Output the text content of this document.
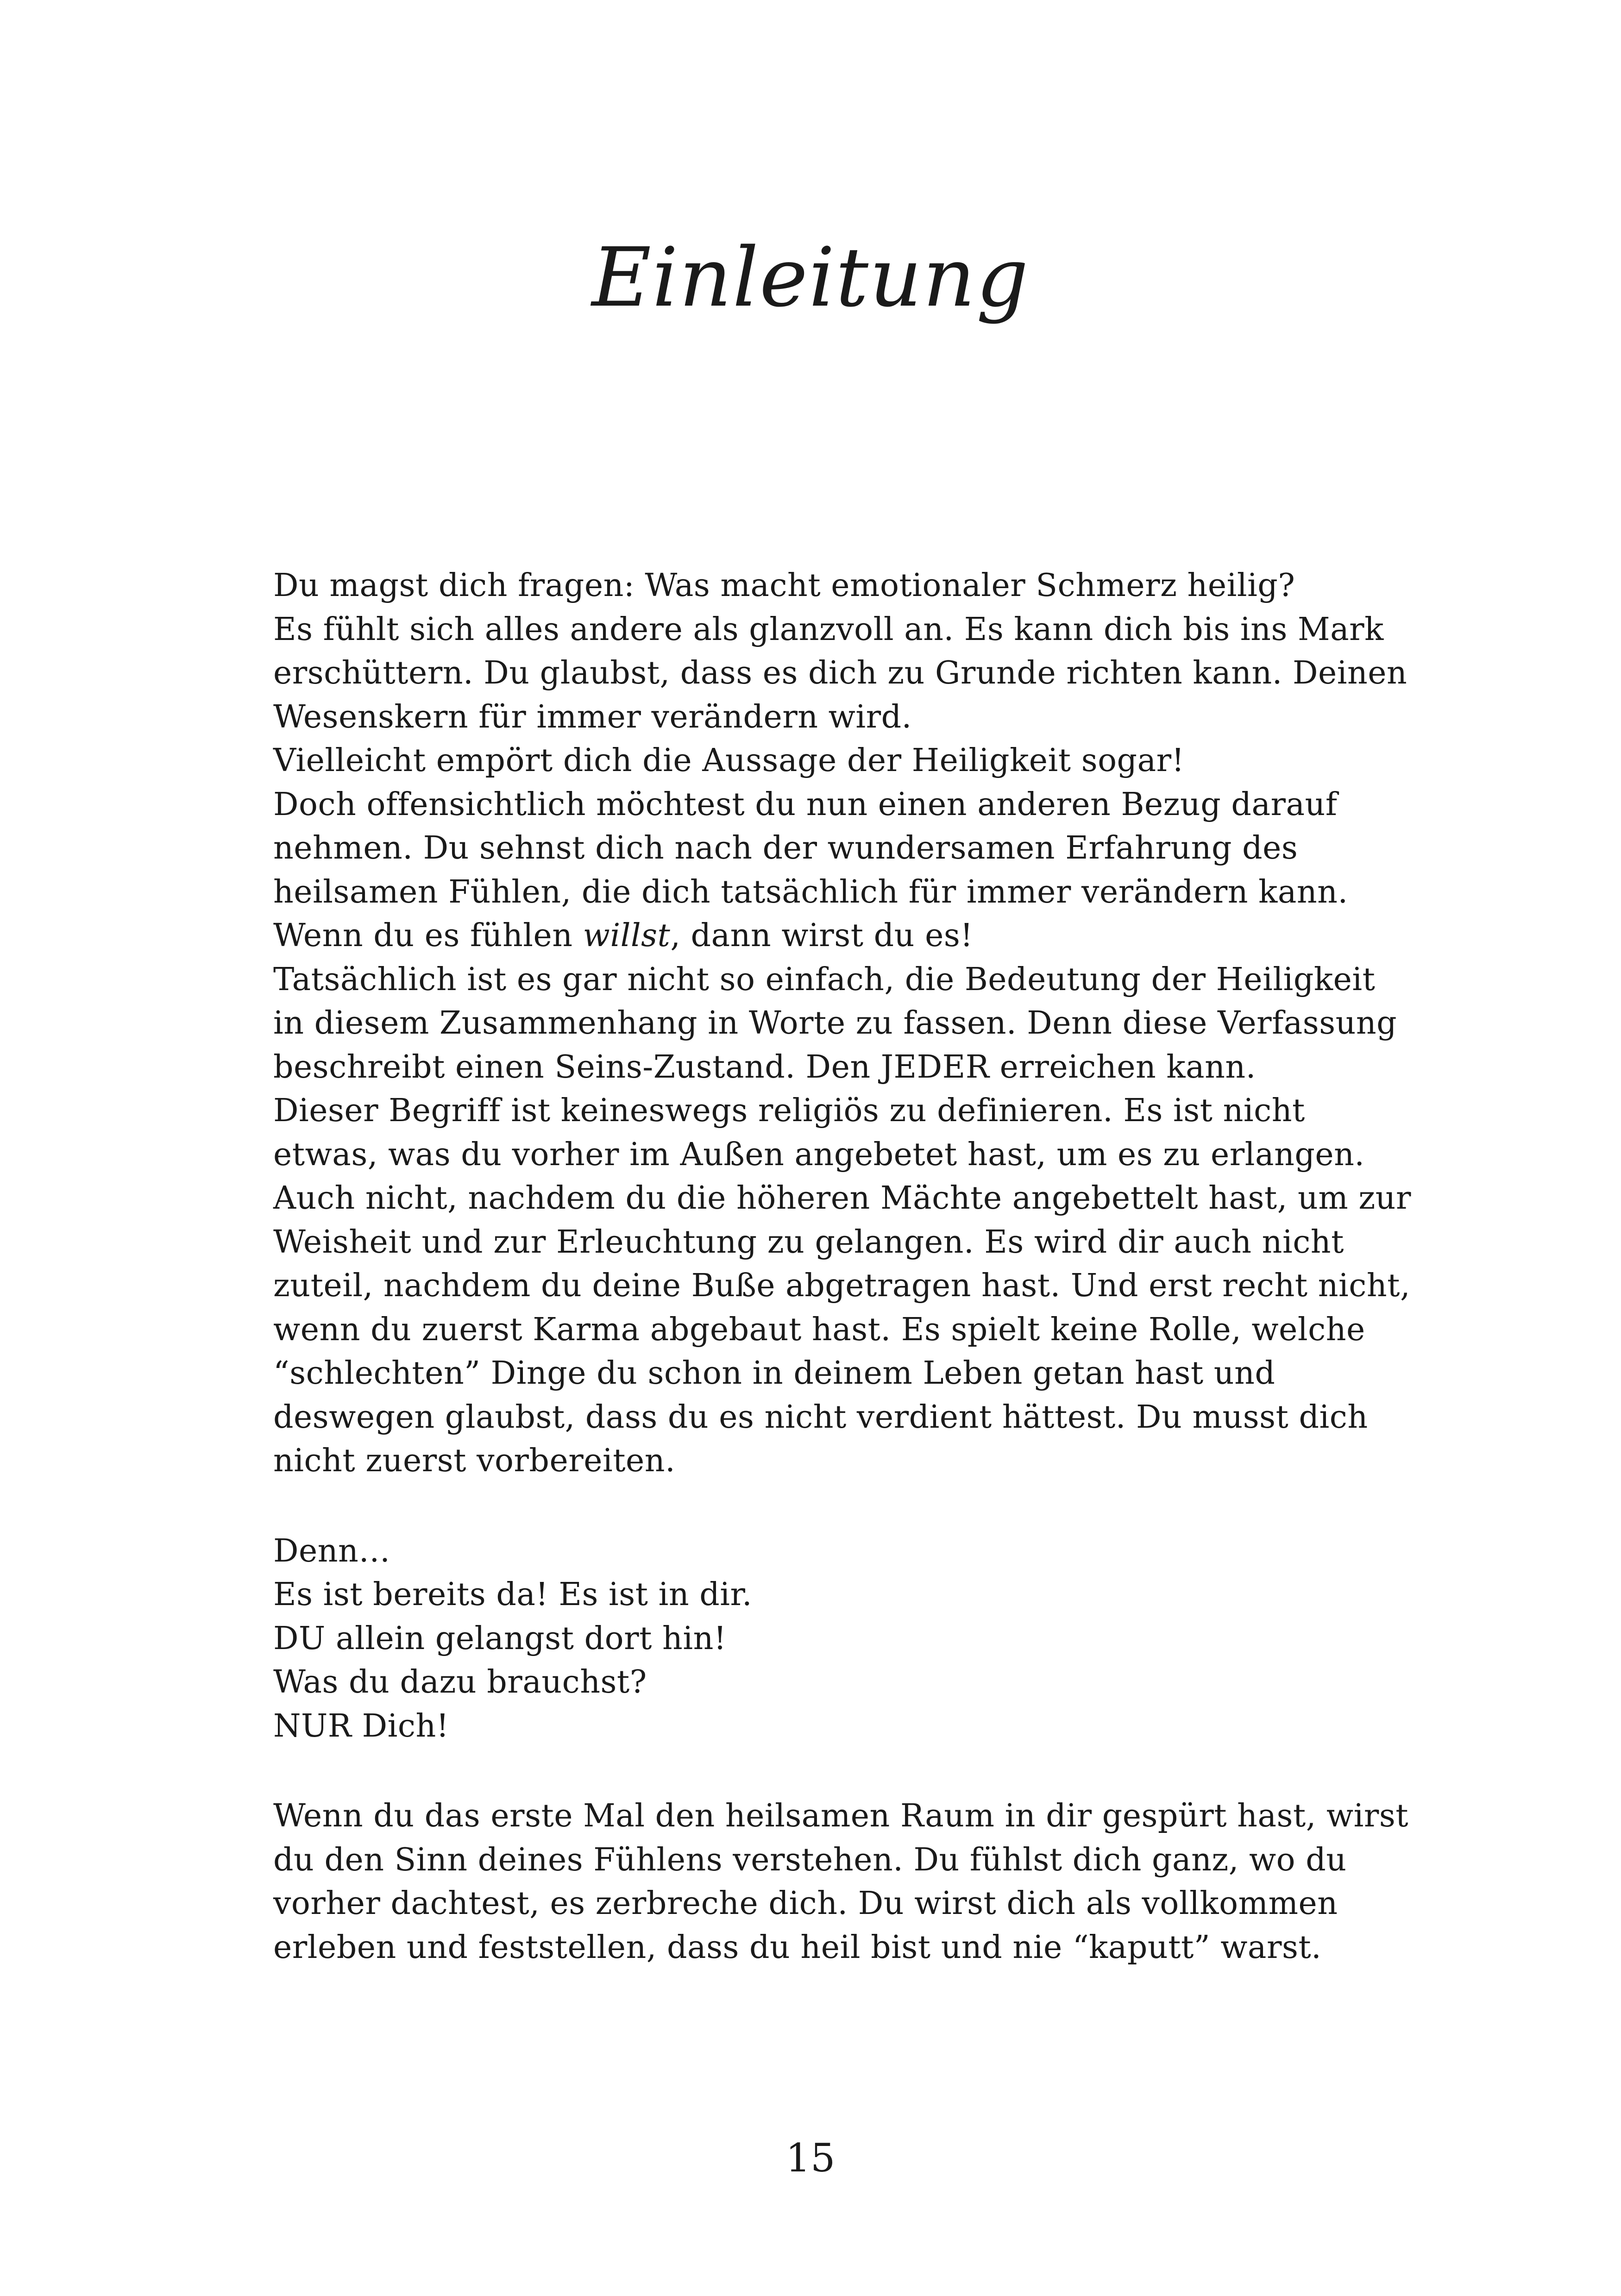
Einleitung
Du magst dich fragen: Was macht emotionaler Schmerz heilig?
Es fühlt sich alles andere als glanzvoll an. Es kann dich bis ins Mark
erschüttern. Du glaubst, dass es dich zu Grunde richten kann. Deinen
Wesenskern für immer verändern wird.
Vielleicht empört dich die Aussage der Heiligkeit sogar!
Doch offensichtlich möchtest du nun einen anderen Bezug darauf
nehmen. Du sehnst dich nach der wundersamen Erfahrung des
heilsamen Fühlen, die dich tatsächlich für immer verändern kann.
Wenn du es fühlen willst, dann wirst du es!
Tatsächlich ist es gar nicht so einfach, die Bedeutung der Heiligkeit
in diesem Zusammenhang in Worte zu fassen. Denn diese Verfassung
beschreibt einen Seins-Zustand. Den JEDER erreichen kann.
Dieser Begriff ist keineswegs religiös zu definieren. Es ist nicht
etwas, was du vorher im Außen angebetet hast, um es zu erlangen.
Auch nicht, nachdem du die höheren Mächte angebettelt hast, um zur
Weisheit und zur Erleuchtung zu gelangen. Es wird dir auch nicht
zuteil, nachdem du deine Buße abgetragen hast. Und erst recht nicht,
wenn du zuerst Karma abgebaut hast. Es spielt keine Rolle, welche
“schlechten” Dinge du schon in deinem Leben getan hast und
deswegen glaubst, dass du es nicht verdient hättest. Du musst dich
nicht zuerst vorbereiten.
Denn…
Es ist bereits da! Es ist in dir.
DU allein gelangst dort hin!
Was du dazu brauchst?
NUR Dich!
Wenn du das erste Mal den heilsamen Raum in dir gespürt hast, wirst
du den Sinn deines Fühlens verstehen. Du fühlst dich ganz, wo du
vorher dachtest, es zerbreche dich. Du wirst dich als vollkommen
erleben und feststellen, dass du heil bist und nie “kaputt” warst.
15
